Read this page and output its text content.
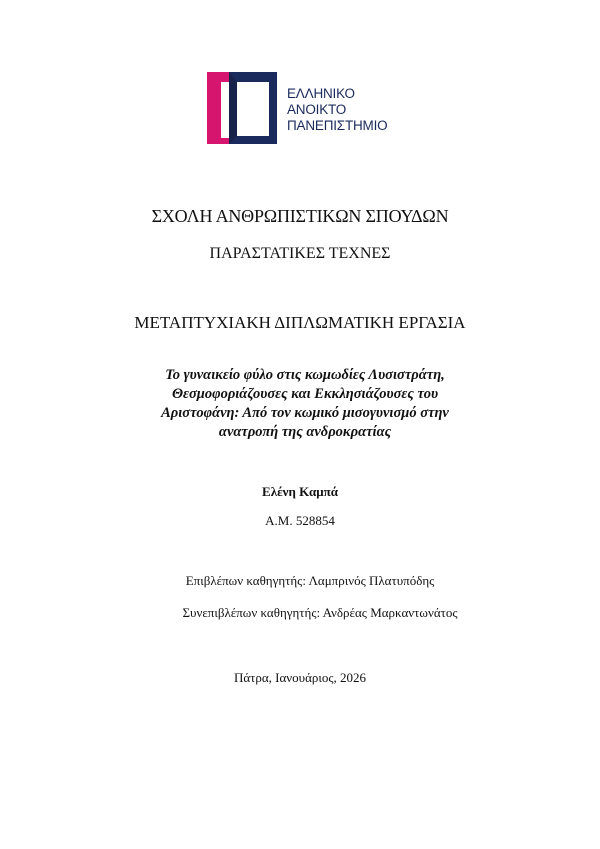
ΕΛΛΗΝΙΚΟ
ΑΝΟΙΚΤΟ
ΠΑΝΕΠΙΣΤΗΜΙΟ
ΣΧΟΛΗ ΑΝΘΡΩΠΙΣΤΙΚΩΝ ΣΠΟΥΔΩΝ
ΠΑΡΑΣΤΑΤΙΚΕΣ ΤΕΧΝΕΣ
ΜΕΤΑΠΤΥΧΙΑΚΗ ΔΙΠΛΩΜΑΤΙΚΗ ΕΡΓΑΣΙΑ
Το γυναικείο φύλο στις κωμωδίες Λυσιστράτη,
Θεσμοφοριάζουσες και Εκκλησιάζουσες του
Αριστοφάνη: Από τον κωμικό μισογυνισμό στην
ανατροπή της ανδροκρατίας
Ελένη Καμπά
Α.Μ. 528854
Επιβλέπων καθηγητής: Λαμπρινός Πλατυπόδης
Συνεπιβλέπων καθηγητής: Ανδρέας Μαρκαντωνάτος
Πάτρα, Ιανουάριος, 2026
